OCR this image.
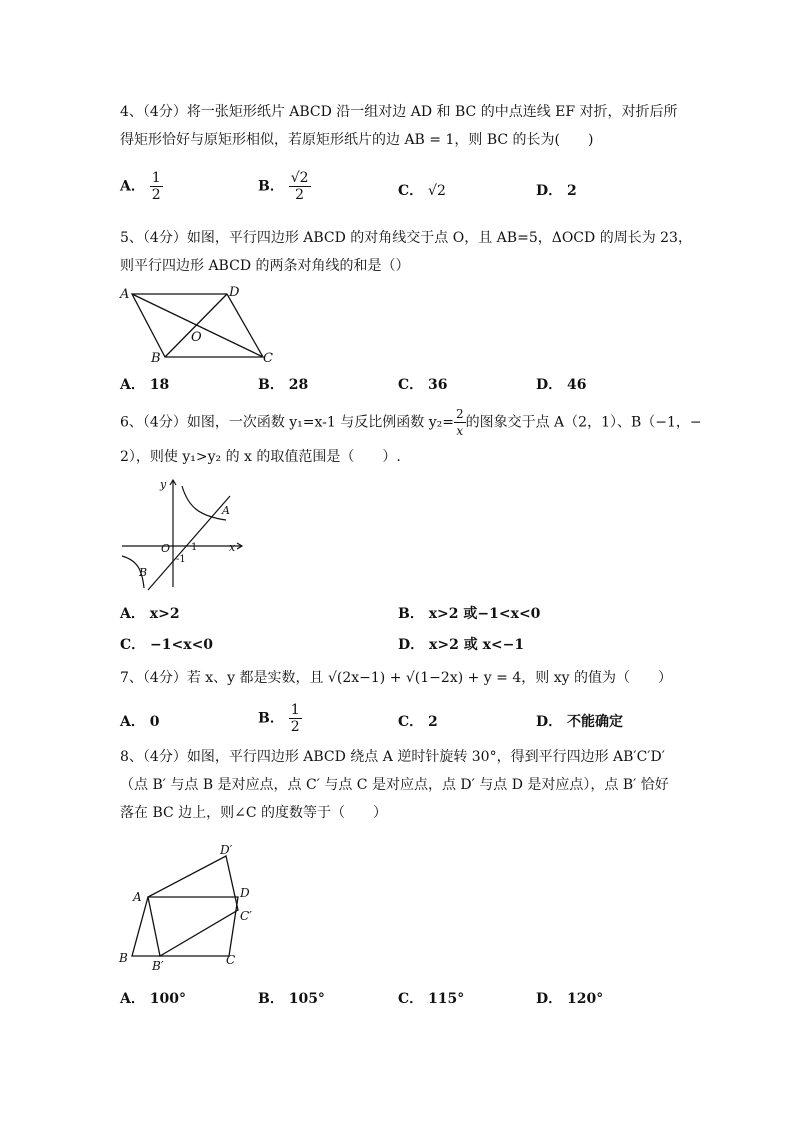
4、（4分）将一张矩形纸片 ABCD 沿一组对边 AD 和 BC 的中点连线 EF 对折，对折后所
得矩形恰好与原矩形相似，若原矩形纸片的边 AB = 1，则 BC 的长为(　　)
A． $\frac{1}{2}$	B． $\frac{√2}{2}$	C． √2	D． 2
5、（4分）如图，平行四边形 ABCD 的对角线交于点 O，且 AB=5，ΔOCD 的周长为 23，
则平行四边形 ABCD 的两条对角线的和是（）
A	D
B	C
O
A． 18	B． 28	C． 36	D． 46
6、（4分）如图，一次函数 y₁=x-1 与反比例函数 $y_2= \frac{2}{x}$ 的图象交于点 A（2，1）、B（−1，−
2），则使 y₁>y₂ 的 x 的取值范围是（　　）.
y
x
O
A
B
1
-1
A． x>2	B． x>2 或−1<x<0
C． −1<x<0	D． x>2 或 x<−1
7、（4分）若 x、y 都是实数，且 √(2x−1) + √(1−2x) + y = 4，则 xy 的值为（　　）
A． 0	B． $\frac{1}{2}$	C． 2	D． 不能确定
8、（4分）如图，平行四边形 ABCD 绕点 A 逆时针旋转 30°，得到平行四边形 AB′C′D′
（点 B′ 与点 B 是对应点，点 C′ 与点 C 是对应点，点 D′ 与点 D 是对应点），点 B′ 恰好
落在 BC 边上，则∠C 的度数等于（　　）
A	D
B	C
B′
C′
D′
A． 100°	B． 105°	C． 115°	D． 120°
